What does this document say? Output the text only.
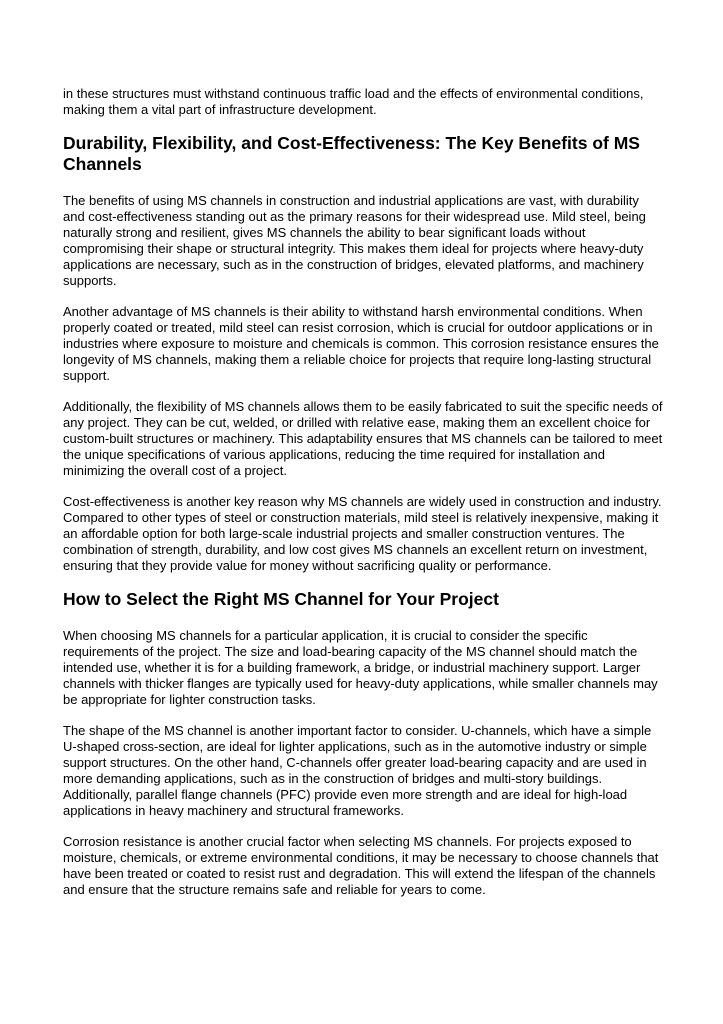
in these structures must withstand continuous traffic load and the effects of environmental conditions, making them a vital part of infrastructure development.

Durability, Flexibility, and Cost-Effectiveness: The Key Benefits of MS Channels

The benefits of using MS channels in construction and industrial applications are vast, with durability and cost-effectiveness standing out as the primary reasons for their widespread use. Mild steel, being naturally strong and resilient, gives MS channels the ability to bear significant loads without compromising their shape or structural integrity. This makes them ideal for projects where heavy-duty applications are necessary, such as in the construction of bridges, elevated platforms, and machinery supports.

Another advantage of MS channels is their ability to withstand harsh environmental conditions. When properly coated or treated, mild steel can resist corrosion, which is crucial for outdoor applications or in industries where exposure to moisture and chemicals is common. This corrosion resistance ensures the longevity of MS channels, making them a reliable choice for projects that require long-lasting structural support.

Additionally, the flexibility of MS channels allows them to be easily fabricated to suit the specific needs of any project. They can be cut, welded, or drilled with relative ease, making them an excellent choice for custom-built structures or machinery. This adaptability ensures that MS channels can be tailored to meet the unique specifications of various applications, reducing the time required for installation and minimizing the overall cost of a project.

Cost-effectiveness is another key reason why MS channels are widely used in construction and industry. Compared to other types of steel or construction materials, mild steel is relatively inexpensive, making it an affordable option for both large-scale industrial projects and smaller construction ventures. The combination of strength, durability, and low cost gives MS channels an excellent return on investment, ensuring that they provide value for money without sacrificing quality or performance.

How to Select the Right MS Channel for Your Project

When choosing MS channels for a particular application, it is crucial to consider the specific requirements of the project. The size and load-bearing capacity of the MS channel should match the intended use, whether it is for a building framework, a bridge, or industrial machinery support. Larger channels with thicker flanges are typically used for heavy-duty applications, while smaller channels may be appropriate for lighter construction tasks.

The shape of the MS channel is another important factor to consider. U-channels, which have a simple U-shaped cross-section, are ideal for lighter applications, such as in the automotive industry or simple support structures. On the other hand, C-channels offer greater load-bearing capacity and are used in more demanding applications, such as in the construction of bridges and multi-story buildings. Additionally, parallel flange channels (PFC) provide even more strength and are ideal for high-load applications in heavy machinery and structural frameworks.

Corrosion resistance is another crucial factor when selecting MS channels. For projects exposed to moisture, chemicals, or extreme environmental conditions, it may be necessary to choose channels that have been treated or coated to resist rust and degradation. This will extend the lifespan of the channels and ensure that the structure remains safe and reliable for years to come.
